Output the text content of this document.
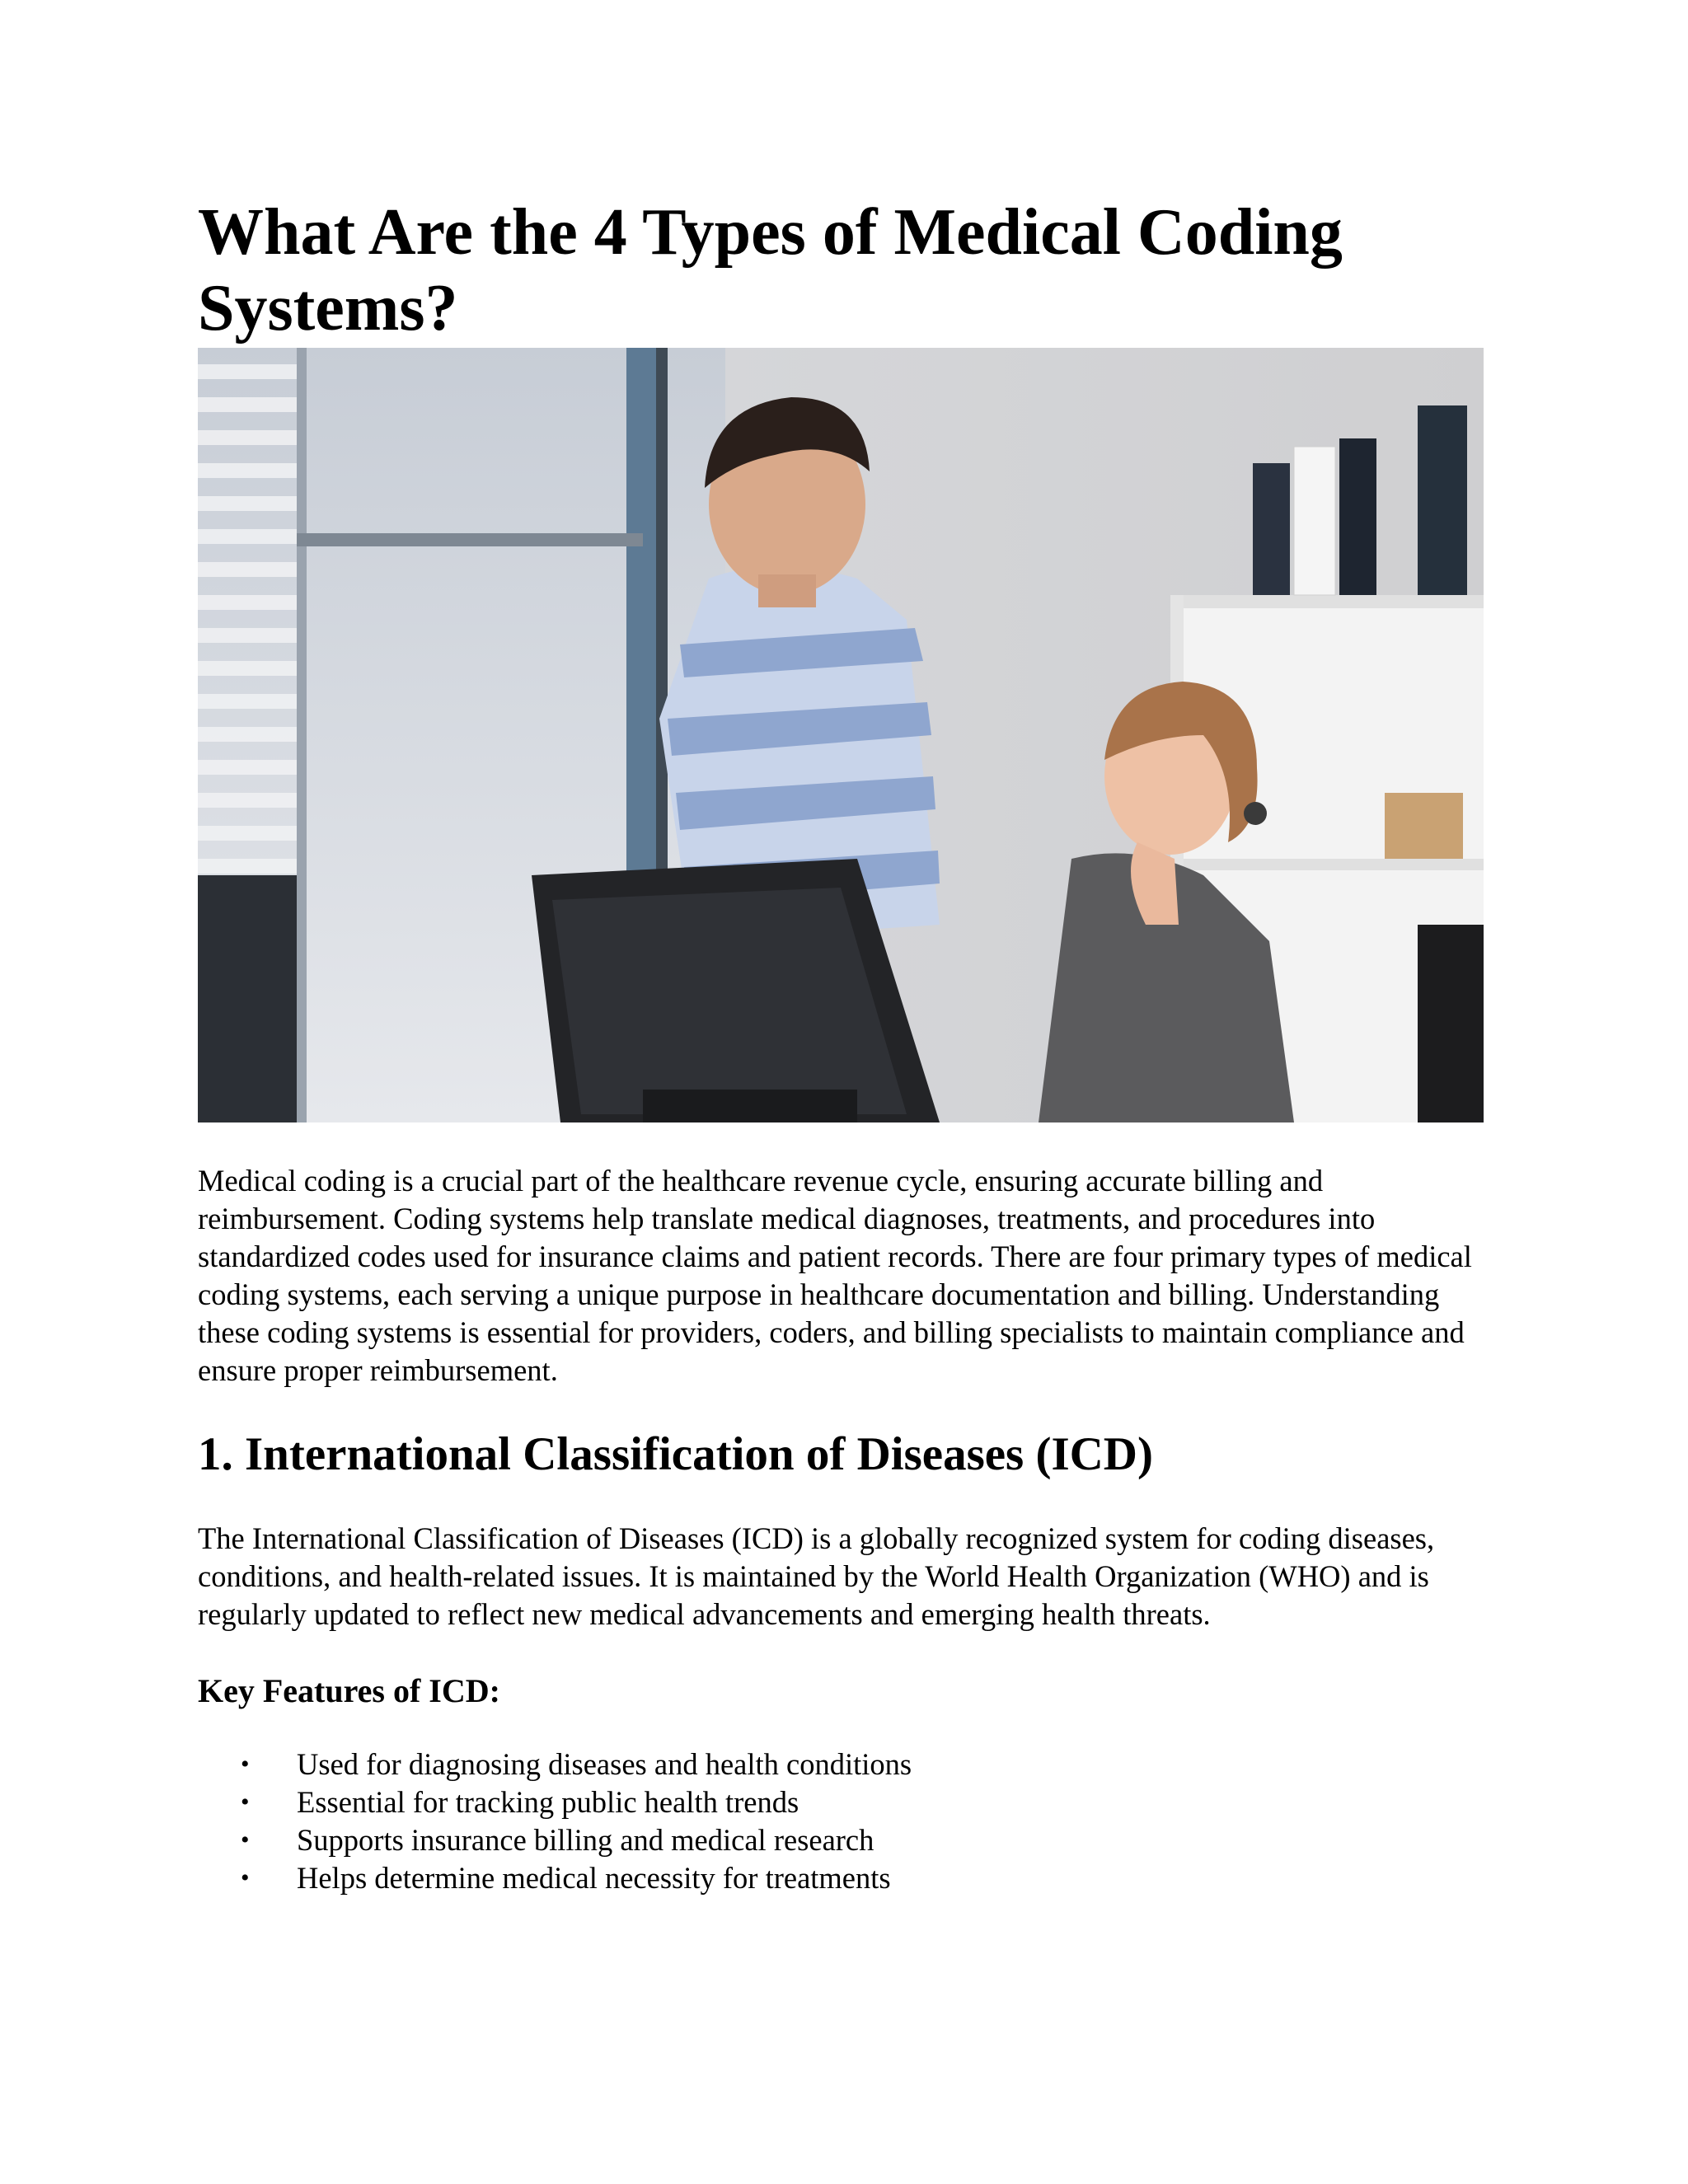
What Are the 4 Types of Medical Coding Systems?

Medical coding is a crucial part of the healthcare revenue cycle, ensuring accurate billing and reimbursement. Coding systems help translate medical diagnoses, treatments, and procedures into standardized codes used for insurance claims and patient records. There are four primary types of medical coding systems, each serving a unique purpose in healthcare documentation and billing. Understanding these coding systems is essential for providers, coders, and billing specialists to maintain compliance and ensure proper reimbursement.

1. International Classification of Diseases (ICD)

The International Classification of Diseases (ICD) is a globally recognized system for coding diseases, conditions, and health-related issues. It is maintained by the World Health Organization (WHO) and is regularly updated to reflect new medical advancements and emerging health threats.

Key Features of ICD:
• Used for diagnosing diseases and health conditions
• Essential for tracking public health trends
• Supports insurance billing and medical research
• Helps determine medical necessity for treatments
